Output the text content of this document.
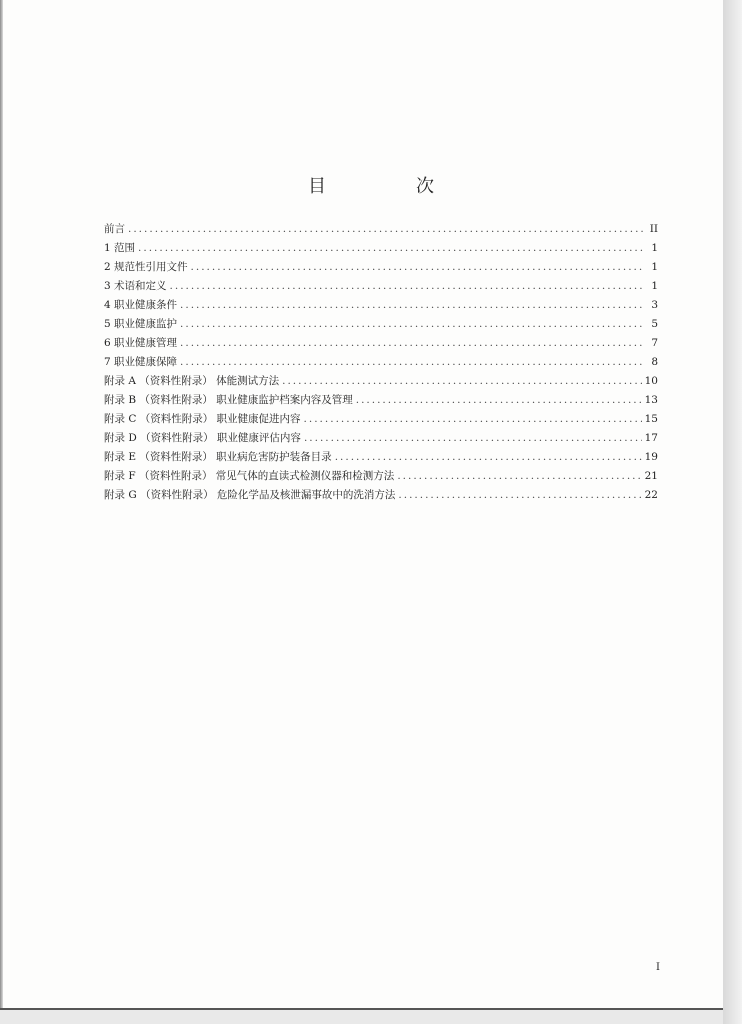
目　次
前言 .....	II
1 范围 .....	1
2 规范性引用文件 .....	1
3 术语和定义 .....	1
4 职业健康条件 .....	3
5 职业健康监护 .....	5
6 职业健康管理 .....	7
7 职业健康保障 .....	8
附录 A （资料性附录） 体能测试方法 .....	10
附录 B （资料性附录） 职业健康监护档案内容及管理 .....	13
附录 C （资料性附录） 职业健康促进内容 .....	15
附录 D （资料性附录） 职业健康评估内容 .....	17
附录 E （资料性附录） 职业病危害防护装备目录 .....	19
附录 F （资料性附录） 常见气体的直读式检测仪器和检测方法 .....	21
附录 G （资料性附录） 危险化学品及核泄漏事故中的洗消方法 .....	22
I
